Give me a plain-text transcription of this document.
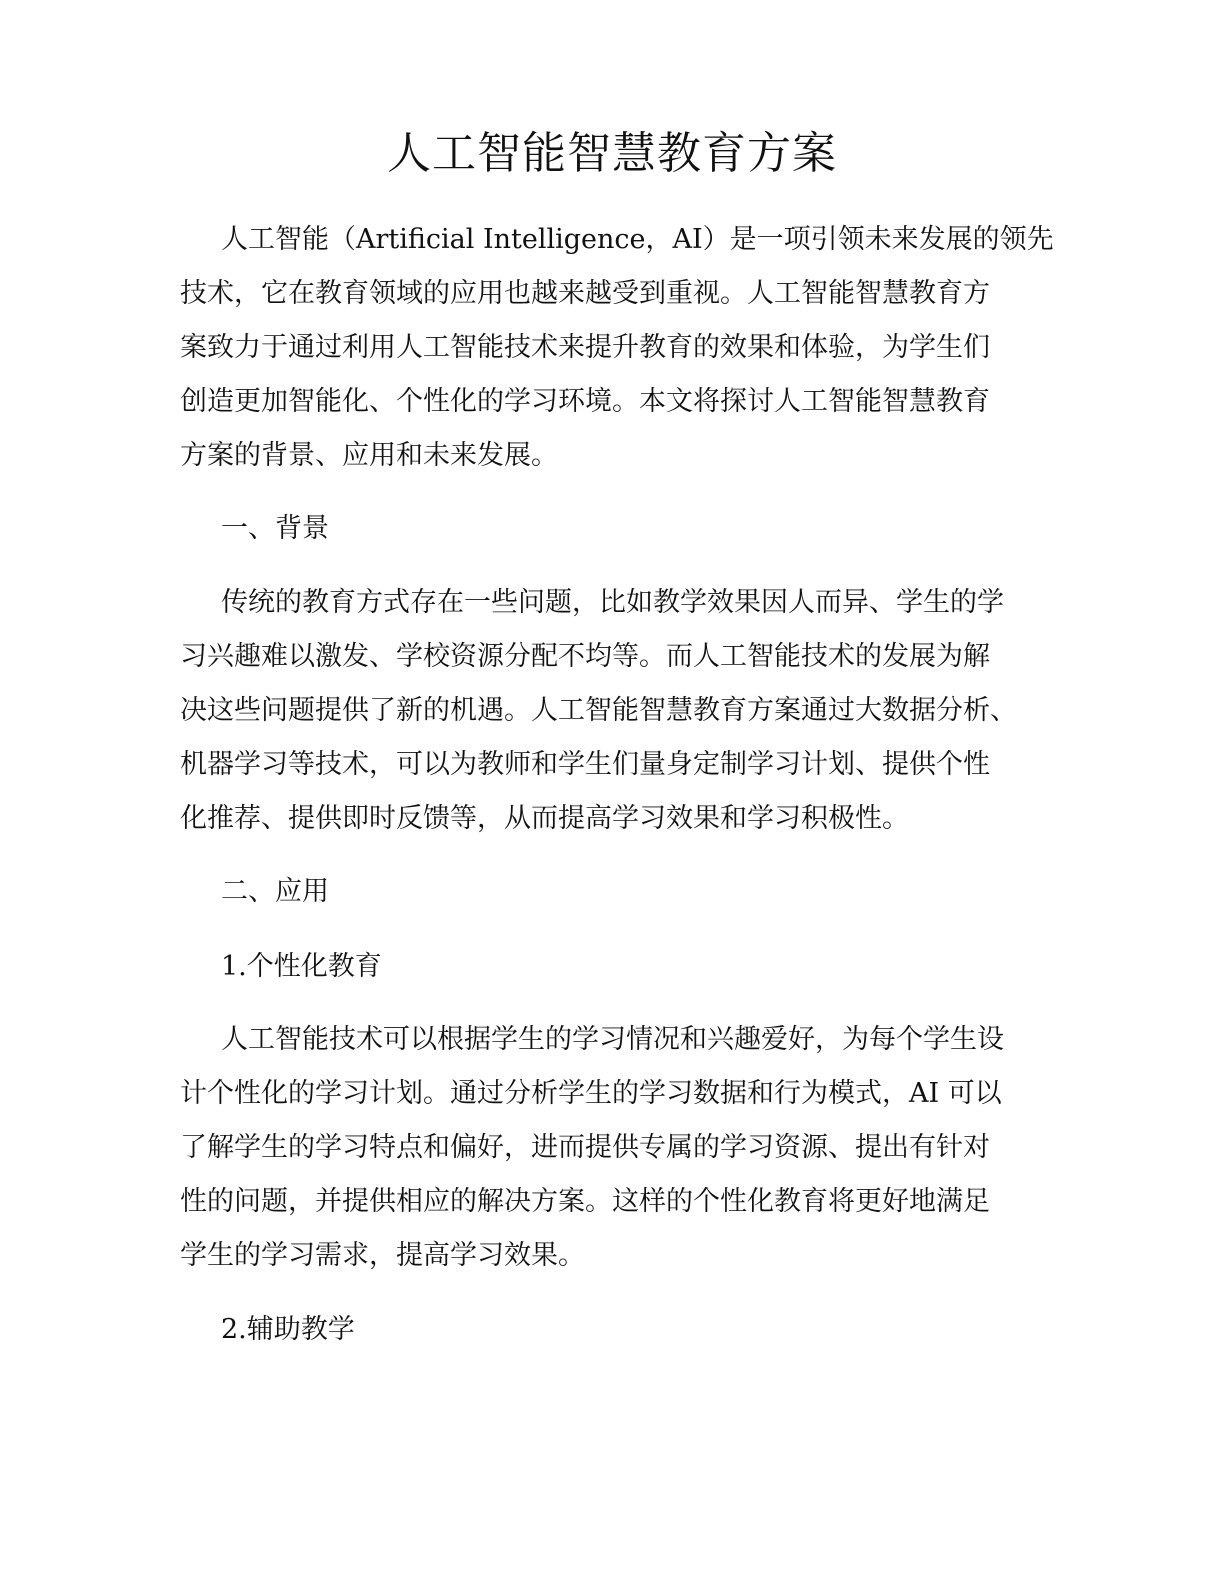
人工智能智慧教育方案
人工智能（Artificial Intelligence，AI）是一项引领未来发展的领先
技术，它在教育领域的应用也越来越受到重视。人工智能智慧教育方
案致力于通过利用人工智能技术来提升教育的效果和体验，为学生们
创造更加智能化、个性化的学习环境。本文将探讨人工智能智慧教育
方案的背景、应用和未来发展。
一、背景
传统的教育方式存在一些问题，比如教学效果因人而异、学生的学
习兴趣难以激发、学校资源分配不均等。而人工智能技术的发展为解
决这些问题提供了新的机遇。人工智能智慧教育方案通过大数据分析、
机器学习等技术，可以为教师和学生们量身定制学习计划、提供个性
化推荐、提供即时反馈等，从而提高学习效果和学习积极性。
二、应用
1.个性化教育
人工智能技术可以根据学生的学习情况和兴趣爱好，为每个学生设
计个性化的学习计划。通过分析学生的学习数据和行为模式，AI 可以
了解学生的学习特点和偏好，进而提供专属的学习资源、提出有针对
性的问题，并提供相应的解决方案。这样的个性化教育将更好地满足
学生的学习需求，提高学习效果。
2.辅助教学
